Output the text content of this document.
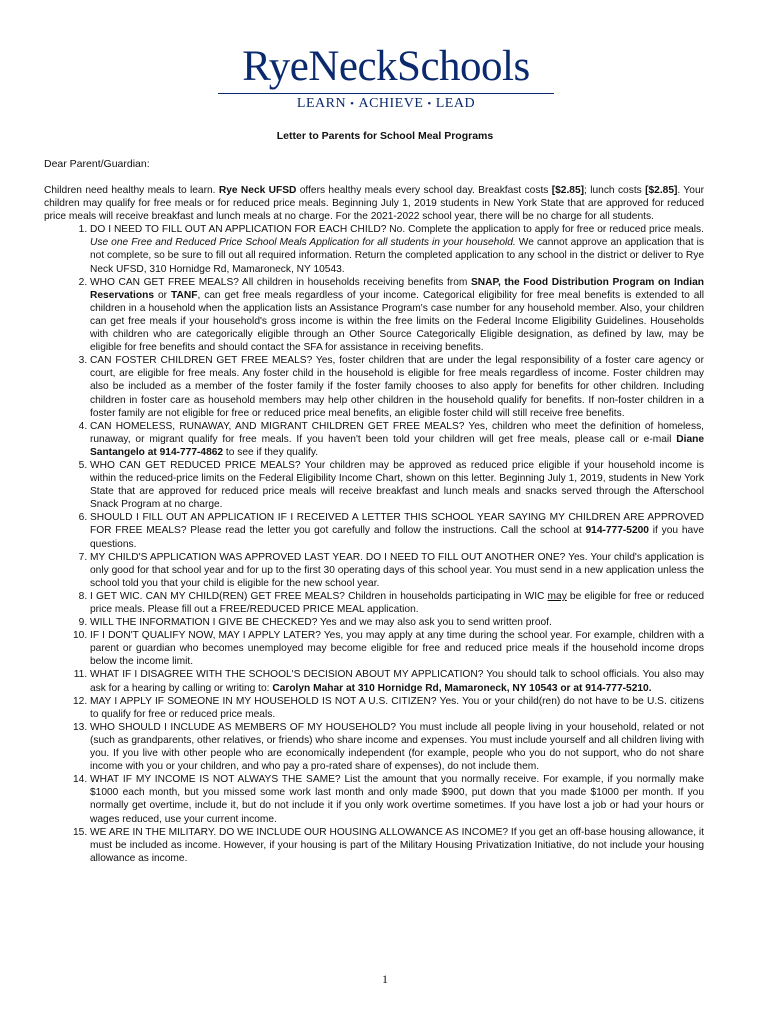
RyeNeckSchools
LEARN • ACHIEVE • LEAD
Letter to Parents for School Meal Programs
Dear Parent/Guardian:

Children need healthy meals to learn. Rye Neck UFSD offers healthy meals every school day. Breakfast costs [$2.85]; lunch costs [$2.85]. Your children may qualify for free meals or for reduced price meals. Beginning July 1, 2019 students in New York State that are approved for reduced price meals will receive breakfast and lunch meals at no charge. For the 2021-2022 school year, there will be no charge for all students.

1. DO I NEED TO FILL OUT AN APPLICATION FOR EACH CHILD? No. Complete the application to apply for free or reduced price meals. Use one Free and Reduced Price School Meals Application for all students in your household. We cannot approve an application that is not complete, so be sure to fill out all required information. Return the completed application to any school in the district or deliver to Rye Neck UFSD, 310 Hornidge Rd, Mamaroneck, NY 10543.
2. WHO CAN GET FREE MEALS? All children in households receiving benefits from SNAP, the Food Distribution Program on Indian Reservations or TANF, can get free meals regardless of your income. Categorical eligibility for free meal benefits is extended to all children in a household when the application lists an Assistance Program's case number for any household member. Also, your children can get free meals if your household's gross income is within the free limits on the Federal Income Eligibility Guidelines. Households with children who are categorically eligible through an Other Source Categorically Eligible designation, as defined by law, may be eligible for free benefits and should contact the SFA for assistance in receiving benefits.
3. CAN FOSTER CHILDREN GET FREE MEALS? Yes, foster children that are under the legal responsibility of a foster care agency or court, are eligible for free meals. Any foster child in the household is eligible for free meals regardless of income. Foster children may also be included as a member of the foster family if the foster family chooses to also apply for benefits for other children. Including children in foster care as household members may help other children in the household qualify for benefits. If non-foster children in a foster family are not eligible for free or reduced price meal benefits, an eligible foster child will still receive free benefits.
4. CAN HOMELESS, RUNAWAY, AND MIGRANT CHILDREN GET FREE MEALS? Yes, children who meet the definition of homeless, runaway, or migrant qualify for free meals. If you haven't been told your children will get free meals, please call or e-mail Diane Santangelo at 914-777-4862 to see if they qualify.
5. WHO CAN GET REDUCED PRICE MEALS? Your children may be approved as reduced price eligible if your household income is within the reduced-price limits on the Federal Eligibility Income Chart, shown on this letter. Beginning July 1, 2019, students in New York State that are approved for reduced price meals will receive breakfast and lunch meals and snacks served through the Afterschool Snack Program at no charge.
6. SHOULD I FILL OUT AN APPLICATION IF I RECEIVED A LETTER THIS SCHOOL YEAR SAYING MY CHILDREN ARE APPROVED FOR FREE MEALS? Please read the letter you got carefully and follow the instructions. Call the school at 914-777-5200 if you have questions.
7. MY CHILD'S APPLICATION WAS APPROVED LAST YEAR. DO I NEED TO FILL OUT ANOTHER ONE? Yes. Your child's application is only good for that school year and for up to the first 30 operating days of this school year. You must send in a new application unless the school told you that your child is eligible for the new school year.
8. I GET WIC. CAN MY CHILD(REN) GET FREE MEALS? Children in households participating in WIC may be eligible for free or reduced price meals. Please fill out a FREE/REDUCED PRICE MEAL application.
9. WILL THE INFORMATION I GIVE BE CHECKED? Yes and we may also ask you to send written proof.
10. IF I DON'T QUALIFY NOW, MAY I APPLY LATER? Yes, you may apply at any time during the school year. For example, children with a parent or guardian who becomes unemployed may become eligible for free and reduced price meals if the household income drops below the income limit.
11. WHAT IF I DISAGREE WITH THE SCHOOL'S DECISION ABOUT MY APPLICATION? You should talk to school officials. You also may ask for a hearing by calling or writing to: Carolyn Mahar at 310 Hornidge Rd, Mamaroneck, NY 10543 or at 914-777-5210.
12. MAY I APPLY IF SOMEONE IN MY HOUSEHOLD IS NOT A U.S. CITIZEN? Yes. You or your child(ren) do not have to be U.S. citizens to qualify for free or reduced price meals.
13. WHO SHOULD I INCLUDE AS MEMBERS OF MY HOUSEHOLD? You must include all people living in your household, related or not (such as grandparents, other relatives, or friends) who share income and expenses. You must include yourself and all children living with you. If you live with other people who are economically independent (for example, people who you do not support, who do not share income with you or your children, and who pay a pro-rated share of expenses), do not include them.
14. WHAT IF MY INCOME IS NOT ALWAYS THE SAME? List the amount that you normally receive. For example, if you normally make $1000 each month, but you missed some work last month and only made $900, put down that you made $1000 per month. If you normally get overtime, include it, but do not include it if you only work overtime sometimes. If you have lost a job or had your hours or wages reduced, use your current income.
15. WE ARE IN THE MILITARY. DO WE INCLUDE OUR HOUSING ALLOWANCE AS INCOME? If you get an off-base housing allowance, it must be included as income. However, if your housing is part of the Military Housing Privatization Initiative, do not include your housing allowance as income.
1
